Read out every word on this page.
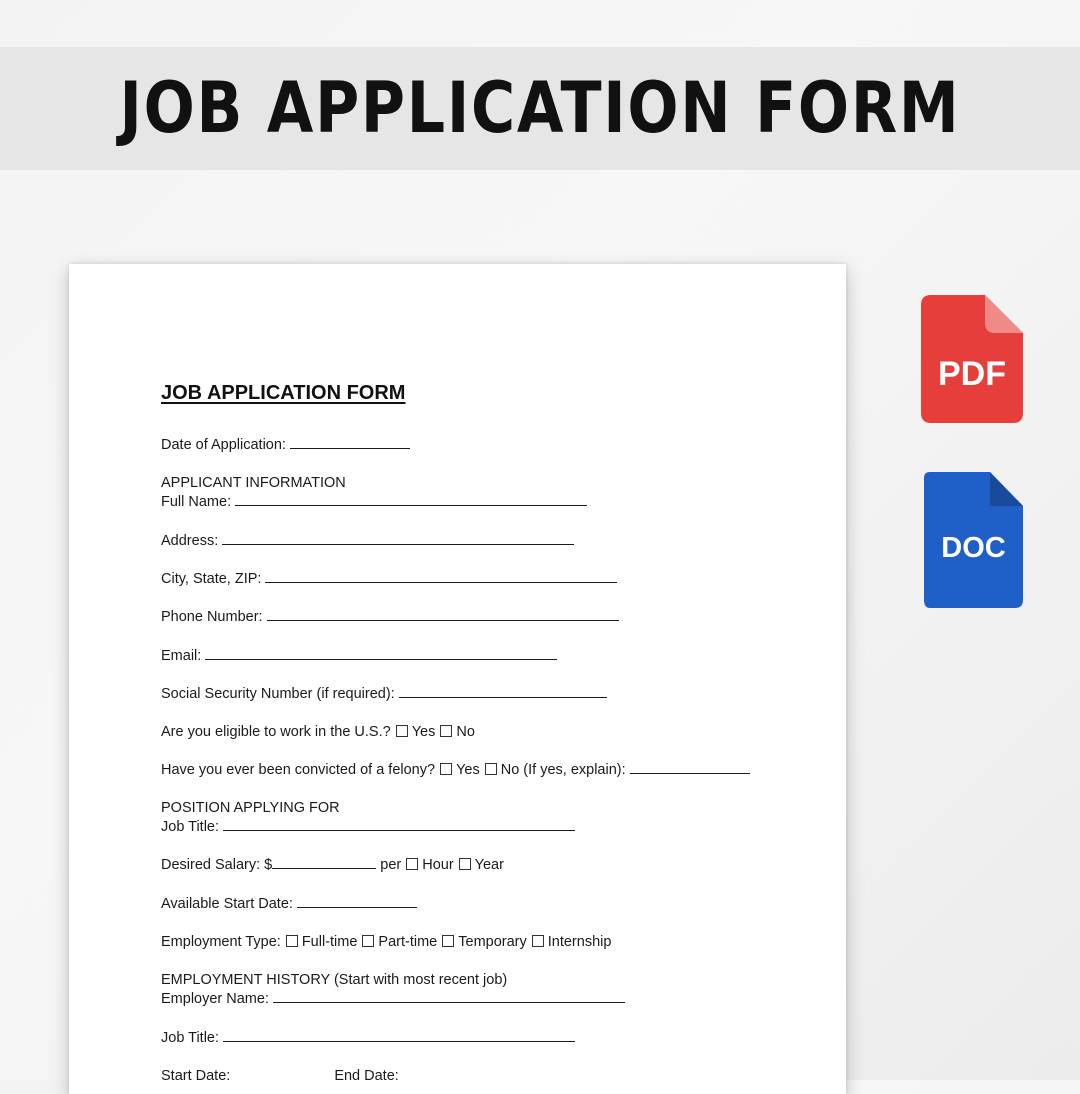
JOB APPLICATION FORM
JOB APPLICATION FORM
Date of Application:
APPLICANT INFORMATION
Full Name:
Address:
City, State, ZIP:
Phone Number:
Email:
Social Security Number (if required):
Are you eligible to work in the U.S.? Yes No
Have you ever been convicted of a felony? Yes No (If yes, explain):
POSITION APPLYING FOR
Job Title:
Desired Salary: $	per Hour Year
Available Start Date:
Employment Type: Full-time Part-time Temporary Internship
EMPLOYMENT HISTORY (Start with most recent job)
Employer Name:
Job Title:
Start Date:	End Date:
PDF
DOC
